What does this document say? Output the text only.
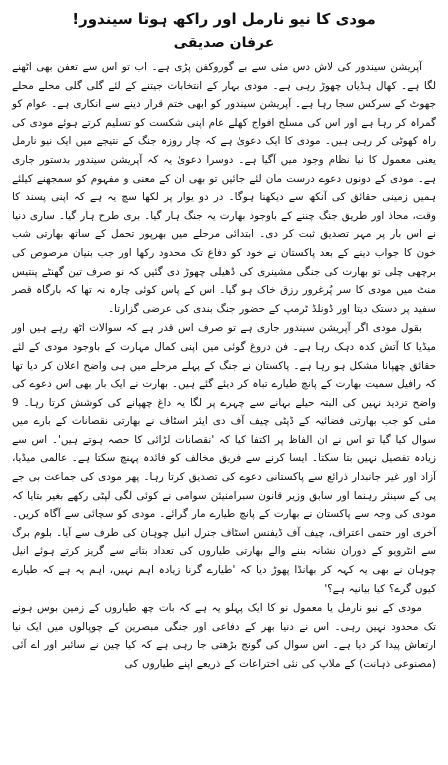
مودی کا نیو نارمل اور راکھ ہوتا سیندور!
عرفان صدیقی

آپریشن سیندور کی لاش دس مئی سے بے گوروکفن پڑی ہے۔ اب تو اس سے تعفن بھی اٹھنے لگا ہے۔ کھال ہڈیاں چھوڑ رہی ہے۔ مودی بہار کے انتخابات جیتنے کے لئے گلی گلی محلے محلے جھوٹ کے سرکس سجا رہا ہے۔ آپریشن سیندور کو ابھی ختم قرار دینے سے انکاری ہے۔ عوام کو گمراہ کر رہا ہے اور اس کی مسلح افواج کھلے عام اپنی شکست کو تسلیم کرتے ہوئے مودی کی راہ کھوٹی کر رہی ہیں۔ مودی کا ایک دعویٰ ہے کہ چار روزہ جنگ کے نتیجے میں ایک نیو نارمل یعنی معمول کا نیا نظام وجود میں آگیا ہے۔ دوسرا دعویٰ یہ کہ آپریشن سیندور بدستور جاری ہے۔ مودی کے دونوں دعوے درست مان لئے جائیں تو بھی ان کے معنی و مفہوم کو سمجھنے کیلئے ہمیں زمینی حقائق کی آنکھ سے دیکھنا ہوگا۔ در دو یوار پر لکھا سچ یہ ہے کہ اپنی پسند کا وقت، محاذ اور طریق جنگ چننے کے باوجود بھارت یہ جنگ ہار گیا۔ بری طرح ہار گیا۔ ساری دنیا نے اس بار پر مہر تصدیق ثبت کر دی۔ ابتدائی مرحلے میں بھرپور تحمل کے ساتھ بھارتی شب خون کا جواب دینے کے بعد پاکستان نے خود کو دفاع تک محدود رکھا اور جب بنیان مرصوص کی برچھی چلی تو بھارت کی جنگی مشینری کی ڈھیلی چھوڑ دی گئیں کہ نو صرف تین گھنٹے پنتیس منٹ میں مودی کا سر پُرغرور رزق خاک ہو گیا۔ اس کے پاس کوئی چارہ نہ تھا کہ بارگاہ قصر سفید پر دستک دیتا اور ڈونلڈ ٹرمپ کے حضور جنگ بندی کی عرضی گزارتا۔

بقول مودی اگر آپریشن سیندور جاری ہے تو صرف اس قدر ہے کہ سوالات اٹھ رہے ہیں اور میڈیا کا آتش کدہ دہک رہا ہے۔ فن دروغ گوئی میں اپنی کمال مہارت کے باوجود مودی کے لئے حقائق چھپانا مشکل ہو رہا ہے۔ پاکستان نے جنگ کے پہلے مرحلے میں ہی واضح اعلان کر دیا تھا کہ رافیل سمیت بھارت کے پانچ طیارے تباہ کر دیئے گئے ہیں۔ بھارت نے ایک بار بھی اس دعوے کی واضح تردید نہیں کی البتہ حیلے بہانے سے چہرے پر لگا یہ داغ چھپانے کی کوشش کرتا رہا۔ 9 مئی کو جب بھارتی فضائیہ کے ڈپٹی چیف آف دی ایئر اسٹاف نے بھارتی نقصانات کے بارے میں سوال کیا گیا تو اس نے ان الفاظ پر اکتفا کیا کہ 'نقصانات لڑائی کا حصہ ہوتے ہیں'۔ اس سے زیادہ تفصیل نہیں بتا سکتا۔ ایسا کرنے سے فریق مخالف کو فائدہ پہنچ سکتا ہے۔ عالمی میڈیا، آزاد اور غیر جانبدار ذرائع سے پاکستانی دعوے کی تصدیق کرتا رہا۔ پھر مودی کی جماعت بی جے پی کے سینئر رہنما اور سابق وزیر قانون سبرامنیئن سوامی نے کوئی لگی لپٹی رکھے بغیر بتایا کہ مودی کی وجہ سے پاکستان نے بھارت کے پانچ طیارے مار گرائے۔ مودی کو سچائی سے آگاہ کریں۔ آخری اور حتمی اعتراف، چیف آف ڈیفنس اسٹاف جنرل انیل چوہان کی طرف سے آیا۔ بلوم برگ سے انٹرویو کے دوران نشانہ بننے والے بھارتی طیاروں کی تعداد بتانے سے گریز کرتے ہوئے انیل چوہان نے بھی یہ کہہ کر بھانڈا پھوڑ دیا کہ 'طیارے گرنا زیادہ اہم نہیں، اہم یہ ہے کہ طیارے کیوں گرے؟ کیا بیانیہ ہے؟'

مودی کے نیو نارمل یا معمول نو کا ایک پہلو یہ ہے کہ بات چھ طیاروں کے زمین بوس ہونے تک محدود نہیں رہی۔ اس نے دنیا بھر کے دفاعی اور جنگی مبصرین کے چوپالوں میں ایک نیا ارتعاش پیدا کر دیا ہے۔ اس سوال کی گونج بڑھتی جا رہی ہے کہ کیا چین نے سائبر اور اے آئی (مصنوعی ذہانت) کے ملاپ کی نئی اختراعات کے ذریعے اپنے طیاروں کی
